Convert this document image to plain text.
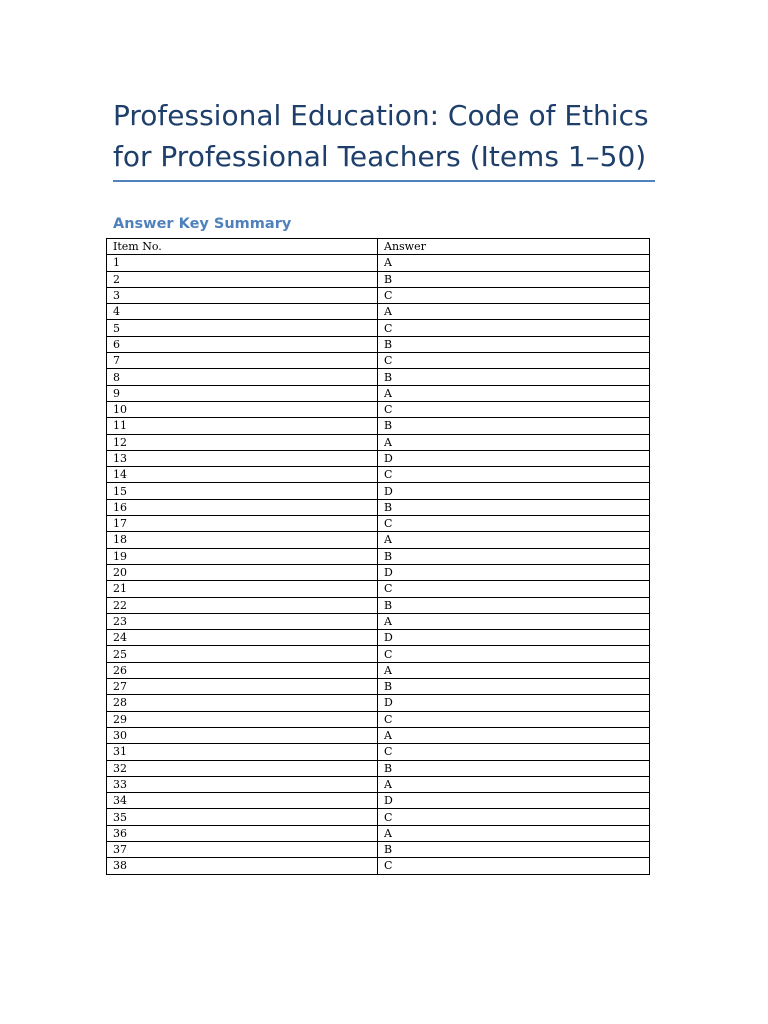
Professional Education: Code of Ethics for Professional Teachers (Items 1–50)
Answer Key Summary
Item No.	Answer
1	A
2	B
3	C
4	A
5	C
6	B
7	C
8	B
9	A
10	C
11	B
12	A
13	D
14	C
15	D
16	B
17	C
18	A
19	B
20	D
21	C
22	B
23	A
24	D
25	C
26	A
27	B
28	D
29	C
30	A
31	C
32	B
33	A
34	D
35	C
36	A
37	B
38	C
